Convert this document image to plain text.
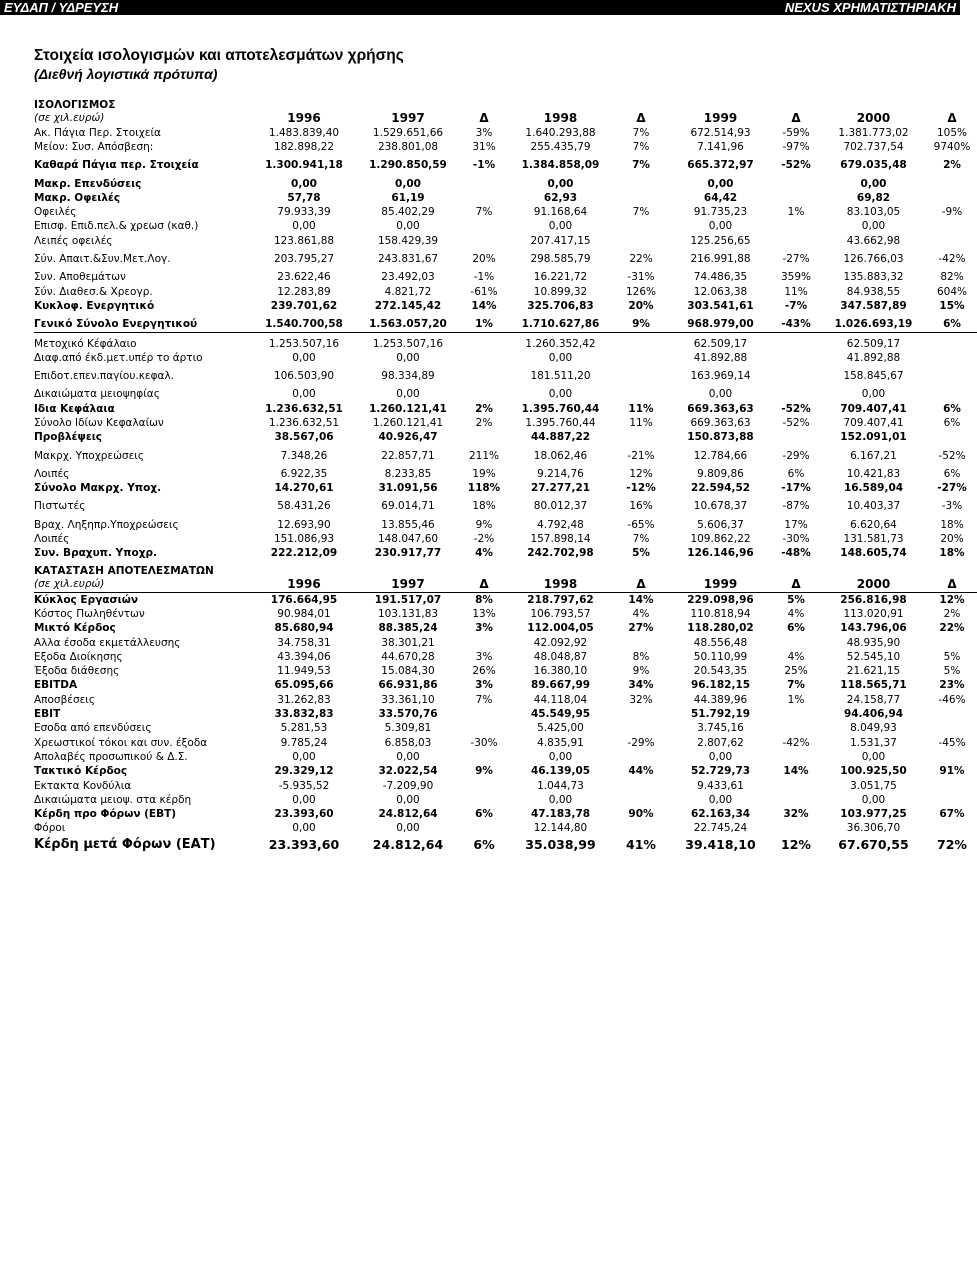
ΕΥΔΑΠ / ΥΔΡΕΥΣΗ	NEXUS ΧΡΗΜΑΤΙΣΤΗΡΙΑΚΗ
Στοιχεία ισολογισμών και αποτελεσμάτων χρήσης
(Διεθνή λογιστικά πρότυπα)
ΙΣΟΛΟΓΙΣΜΟΣ
(σε χιλ.ευρώ)	1996	1997	Δ	1998	Δ	1999	Δ	2000	Δ
Ακ. Πάγια Περ. Στοιχεία	1.483.839,40	1.529.651,66	3%	1.640.293,88	7%	672.514,93	-59%	1.381.773,02	105%
Μείον: Συσ. Απόσβεση:	182.898,22	238.801,08	31%	255.435,79	7%	7.141,96	-97%	702.737,54	9740%
Καθαρά Πάγια περ. Στοιχεία	1.300.941,18	1.290.850,59	-1%	1.384.858,09	7%	665.372,97	-52%	679.035,48	2%
Μακρ. Επενδύσεις	0,00	0,00		0,00		0,00		0,00	
Μακρ. Οφειλές	57,78	61,19		62,93		64,42		69,82	
Οφειλές	79.933,39	85.402,29	7%	91.168,64	7%	91.735,23	1%	83.103,05	-9%
Επισφ. Επιδ.πελ.& χρεωσ (καθ.)	0,00	0,00		0,00		0,00		0,00	
Λειπές οφειλές	123.861,88	158.429,39		207.417,15		125.256,65		43.662,98	
Σύν. Απαιτ.&Συν.Μετ.Λογ.	203.795,27	243.831,67	20%	298.585,79	22%	216.991,88	-27%	126.766,03	-42%
Συν. Αποθεμάτων	23.622,46	23.492,03	-1%	16.221,72	-31%	74.486,35	359%	135.883,32	82%
Σύν. Διαθεσ.& Χρεογρ.	12.283,89	4.821,72	-61%	10.899,32	126%	12.063,38	11%	84.938,55	604%
Κυκλοφ. Ενεργητικό	239.701,62	272.145,42	14%	325.706,83	20%	303.541,61	-7%	347.587,89	15%
Γενικό Σύνολο Ενεργητικού	1.540.700,58	1.563.057,20	1%	1.710.627,86	9%	968.979,00	-43%	1.026.693,19	6%
Μετοχικό Κέφάλαιο	1.253.507,16	1.253.507,16		1.260.352,42		62.509,17		62.509,17	
Διαφ.από έκδ.μετ.υπέρ το άρτιο	0,00	0,00		0,00		41.892,88		41.892,88	
Επιδοτ.επεν.παγίου.κεφαλ.	106.503,90	98.334,89		181.511,20		163.969,14		158.845,67	
Δικαιώματα μειοψηφίας	0,00	0,00		0,00		0,00		0,00	
Ιδια Κεφάλαια	1.236.632,51	1.260.121,41	2%	1.395.760,44	11%	669.363,63	-52%	709.407,41	6%
Σύνολο Ιδίων Κεφαλαίων	1.236.632,51	1.260.121,41	2%	1.395.760,44	11%	669.363,63	-52%	709.407,41	6%
Προβλέψεις	38.567,06	40.926,47		44.887,22		150.873,88		152.091,01	
Μακρχ. Υποχρεώσεις	7.348,26	22.857,71	211%	18.062,46	-21%	12.784,66	-29%	6.167,21	-52%
Λοιπές	6.922,35	8.233,85	19%	9.214,76	12%	9.809,86	6%	10.421,83	6%
Σύνολο Μακρχ. Υποχ.	14.270,61	31.091,56	118%	27.277,21	-12%	22.594,52	-17%	16.589,04	-27%
Πιστωτές	58.431,26	69.014,71	18%	80.012,37	16%	10.678,37	-87%	10.403,37	-3%
Βραχ. Ληξηπρ.Υποχρεώσεις	12.693,90	13.855,46	9%	4.792,48	-65%	5.606,37	17%	6.620,64	18%
Λοιπές	151.086,93	148.047,60	-2%	157.898,14	7%	109.862,22	-30%	131.581,73	20%
Συν. Βραχυπ. Υποχρ.	222.212,09	230.917,77	4%	242.702,98	5%	126.146,96	-48%	148.605,74	18%

ΚΑΤΑΣΤΑΣΗ ΑΠΟΤΕΛΕΣΜΑΤΩΝ
(σε χιλ.ευρώ)	1996	1997	Δ	1998	Δ	1999	Δ	2000	Δ
Κύκλος Εργασιών	176.664,95	191.517,07	8%	218.797,62	14%	229.098,96	5%	256.816,98	12%
Κόστος Πωληθέντων	90.984,01	103.131,83	13%	106.793,57	4%	110.818,94	4%	113.020,91	2%
Μικτό Κέρδος	85.680,94	88.385,24	3%	112.004,05	27%	118.280,02	6%	143.796,06	22%
Αλλα έσοδα εκμετάλλευσης	34.758,31	38.301,21		42.092,92		48.556,48		48.935,90	
Εξοδα Διοίκησης	43.394,06	44.670,28	3%	48.048,87	8%	50.110,99	4%	52.545,10	5%
Έξοδα διάθεσης	11.949,53	15.084,30	26%	16.380,10	9%	20.543,35	25%	21.621,15	5%
EBITDA	65.095,66	66.931,86	3%	89.667,99	34%	96.182,15	7%	118.565,71	23%
Αποσβέσεις	31.262,83	33.361,10	7%	44.118,04	32%	44.389,96	1%	24.158,77	-46%
EBIT	33.832,83	33.570,76		45.549,95		51.792,19		94.406,94	
Εσοδα από επενδύσεις	5.281,53	5.309,81		5.425,00		3.745,16		8.049,93	
Χρεωστικοί τόκοι και συν. έξοδα	9.785,24	6.858,03	-30%	4.835,91	-29%	2.807,62	-42%	1.531,37	-45%
Απολαβές προσωπικού & Δ.Σ.	0,00	0,00		0,00		0,00		0,00	
Τακτικό Κέρδος	29.329,12	32.022,54	9%	46.139,05	44%	52.729,73	14%	100.925,50	91%
Εκτακτα Κονδύλια	-5.935,52	-7.209,90		1.044,73		9.433,61		3.051,75	
Δικαιώματα μειοψ. στα κέρδη	0,00	0,00		0,00		0,00		0,00	
Κέρδη προ Φόρων (EBT)	23.393,60	24.812,64	6%	47.183,78	90%	62.163,34	32%	103.977,25	67%
Φόροι	0,00	0,00		12.144,80		22.745,24		36.306,70	
Κέρδη μετά Φόρων (ΕΑΤ)	23.393,60	24.812,64	6%	35.038,99	41%	39.418,10	12%	67.670,55	72%
